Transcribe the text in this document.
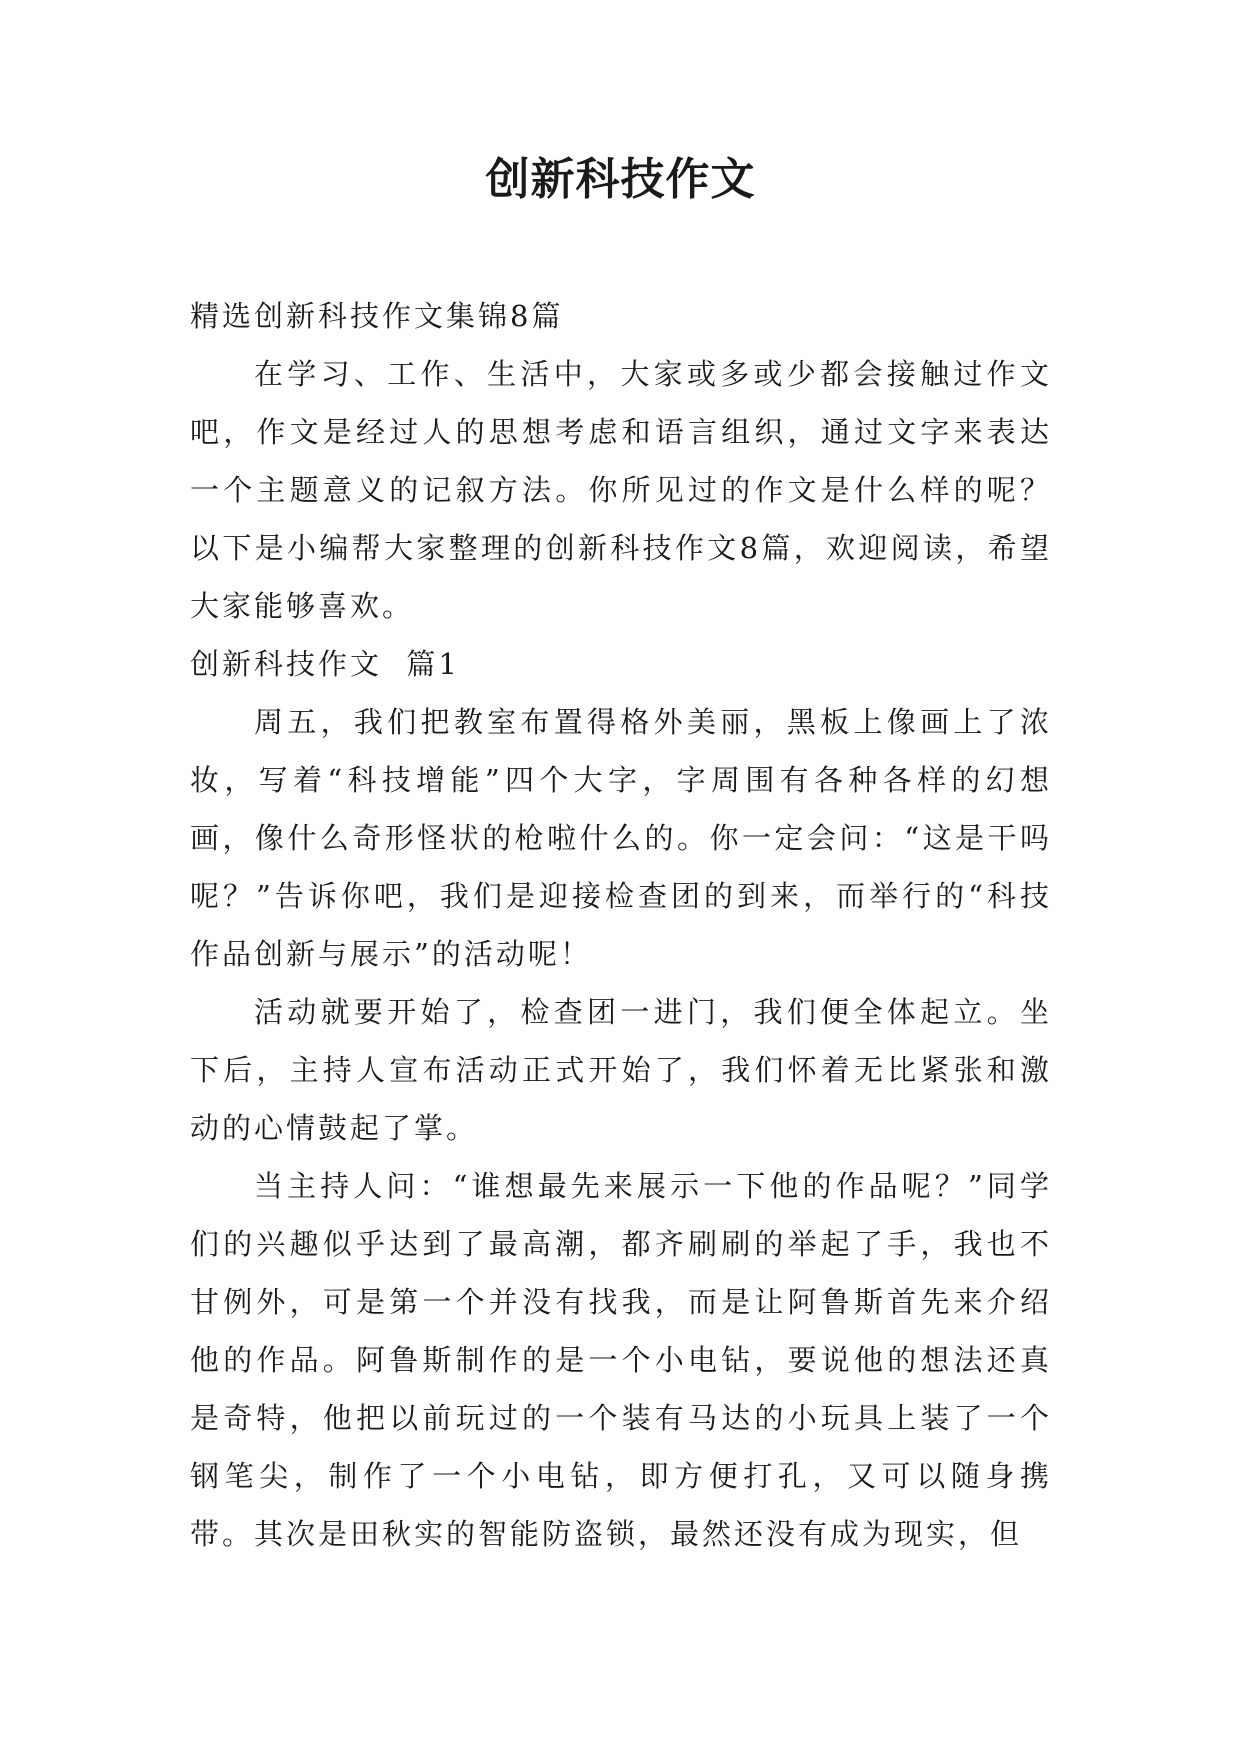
创新科技作文

精选创新科技作文集锦8篇

在学习、工作、生活中，大家或多或少都会接触过作文吧，作文是经过人的思想考虑和语言组织，通过文字来表达一个主题意义的记叙方法。你所见过的作文是什么样的呢？以下是小编帮大家整理的创新科技作文8篇，欢迎阅读，希望大家能够喜欢。

创新科技作文  篇1

周五，我们把教室布置得格外美丽，黑板上像画上了浓妆，写着“科技增能”四个大字，字周围有各种各样的幻想画，像什么奇形怪状的枪啦什么的。你一定会问：“这是干吗呢？”告诉你吧，我们是迎接检查团的到来，而举行的“科技作品创新与展示”的活动呢！

活动就要开始了，检查团一进门，我们便全体起立。坐下后，主持人宣布活动正式开始了，我们怀着无比紧张和激动的心情鼓起了掌。

当主持人问：“谁想最先来展示一下他的作品呢？”同学们的兴趣似乎达到了最高潮，都齐刷刷的举起了手，我也不甘例外，可是第一个并没有找我，而是让阿鲁斯首先来介绍他的作品。阿鲁斯制作的是一个小电钻，要说他的想法还真是奇特，他把以前玩过的一个装有马达的小玩具上装了一个钢笔尖，制作了一个小电钻，即方便打孔，又可以随身携带。其次是田秋实的智能防盗锁，最然还没有成为现实，但
